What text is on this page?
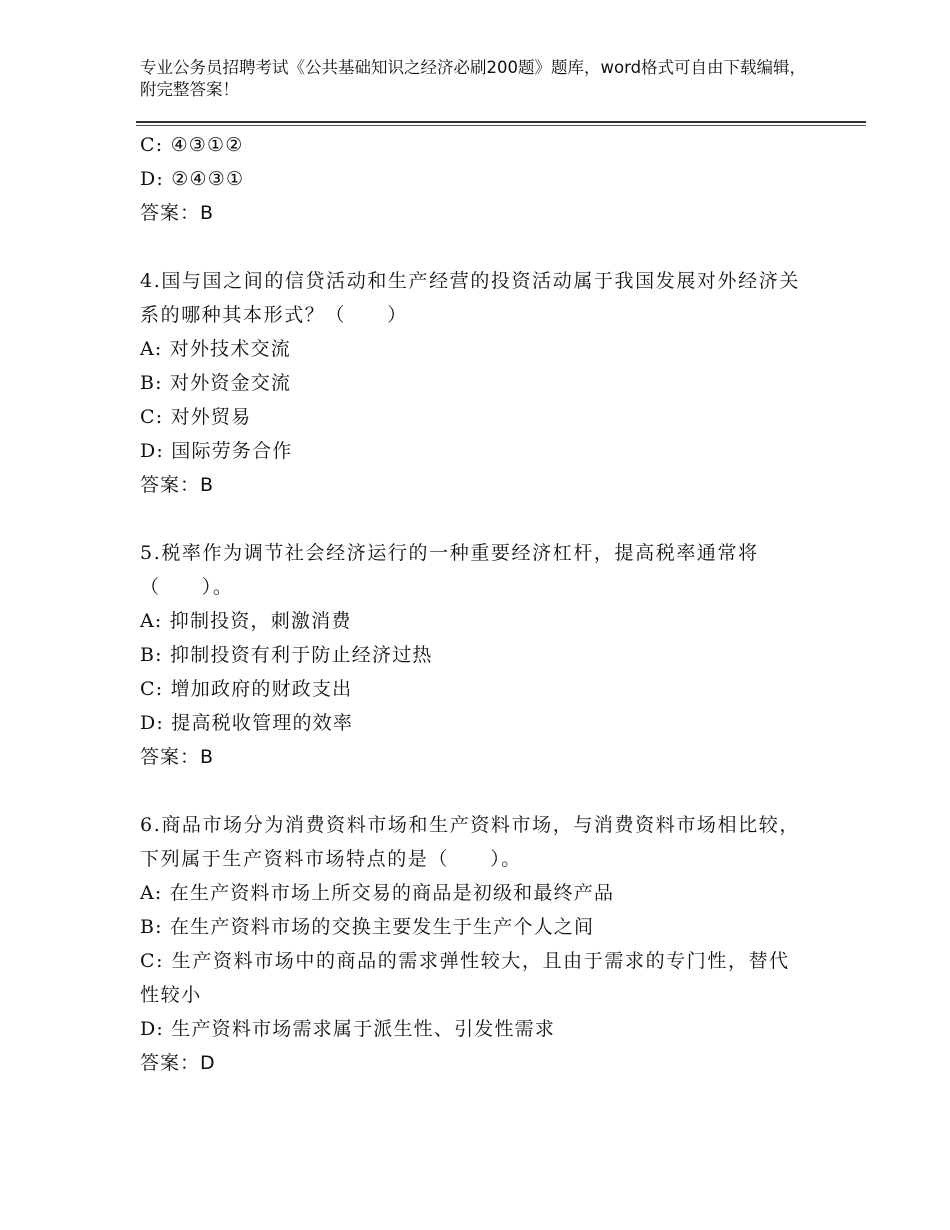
专业公务员招聘考试《公共基础知识之经济必刷200题》题库，word格式可自由下载编辑，附完整答案！
C: ④③①②
D: ②④③①
答案：B
4.国与国之间的信贷活动和生产经营的投资活动属于我国发展对外经济关系的哪种其本形式？（　　）
A: 对外技术交流
B: 对外资金交流
C: 对外贸易
D: 国际劳务合作
答案：B
5.税率作为调节社会经济运行的一种重要经济杠杆，提高税率通常将（　　）。
A: 抑制投资，刺激消费
B: 抑制投资有利于防止经济过热
C: 增加政府的财政支出
D: 提高税收管理的效率
答案：B
6.商品市场分为消费资料市场和生产资料市场，与消费资料市场相比较，下列属于生产资料市场特点的是（　　）。
A: 在生产资料市场上所交易的商品是初级和最终产品
B: 在生产资料市场的交换主要发生于生产个人之间
C: 生产资料市场中的商品的需求弹性较大，且由于需求的专门性，替代性较小
D: 生产资料市场需求属于派生性、引发性需求
答案：D
